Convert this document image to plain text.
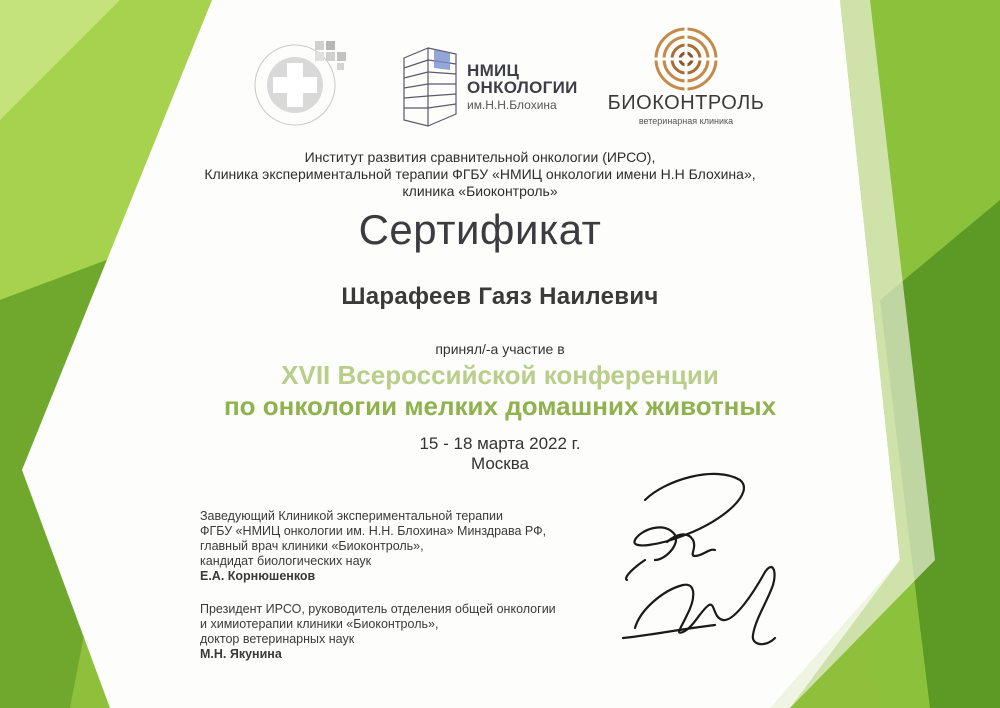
НМИЦ
ОНКОЛОГИИ
им.Н.Н.Блохина	БИОКОНТРОЛЬ
ветеринарная клиника
Институт развития сравнительной онкологии (ИРСО),
Клиника экспериментальной терапии ФГБУ «НМИЦ онкологии имени Н.Н Блохина»,
клиника «Биоконтроль»
Сертификат
Шарафеев Гаяз Наилевич
принял/-а участие в
XVII Всероссийской конференции
по онкологии мелких домашних животных
15 - 18 марта 2022 г.
Москва
Заведующий Клиникой экспериментальной терапии
ФГБУ «НМИЦ онкологии им. Н.Н. Блохина» Минздрава РФ,
главный врач клиники «Биоконтроль»,
кандидат биологических наук
Е.А. Корнюшенков
Президент ИРСО, руководитель отделения общей онкологии
и химиотерапии клиники «Биоконтроль»,
доктор ветеринарных наук
М.Н. Якунина
